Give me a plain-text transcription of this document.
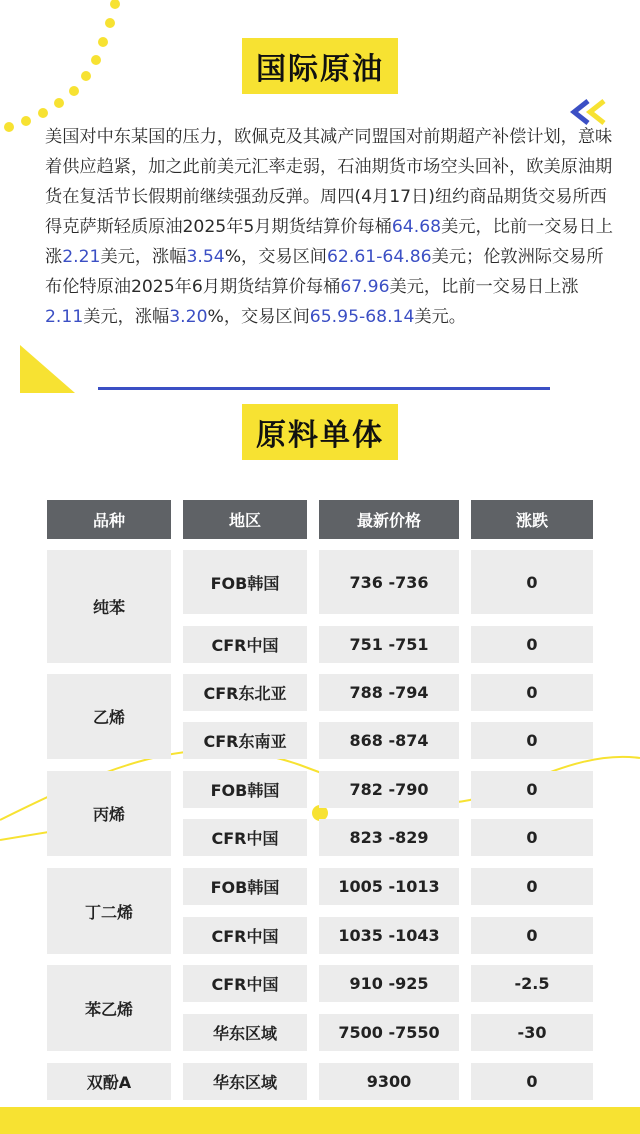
国际原油
美国对中东某国的压力，欧佩克及其减产同盟国对前期超产补偿计划，意味着供应趋紧，加之此前美元汇率走弱，石油期货市场空头回补，欧美原油期货在复活节长假期前继续强劲反弹。周四(4月17日)纽约商品期货交易所西得克萨斯轻质原油2025年5月期货结算价每桶64.68美元，比前一交易日上涨2.21美元，涨幅3.54%，交易区间62.61-64.86美元；伦敦洲际交易所布伦特原油2025年6月期货结算价每桶67.96美元，比前一交易日上涨2.11美元，涨幅3.20%，交易区间65.95-68.14美元。
原料单体
品种	地区	最新价格	涨跌
纯苯
FOB韩国	736 -736	0
CFR中国	751 -751	0
乙烯
CFR东北亚	788 -794	0
CFR东南亚	868 -874	0
丙烯
FOB韩国	782 -790	0
CFR中国	823 -829	0
丁二烯
FOB韩国	1005 -1013	0
CFR中国	1035 -1043	0
苯乙烯
CFR中国	910 -925	-2.5
华东区域	7500 -7550	-30
双酚A	华东区域	9300	0
